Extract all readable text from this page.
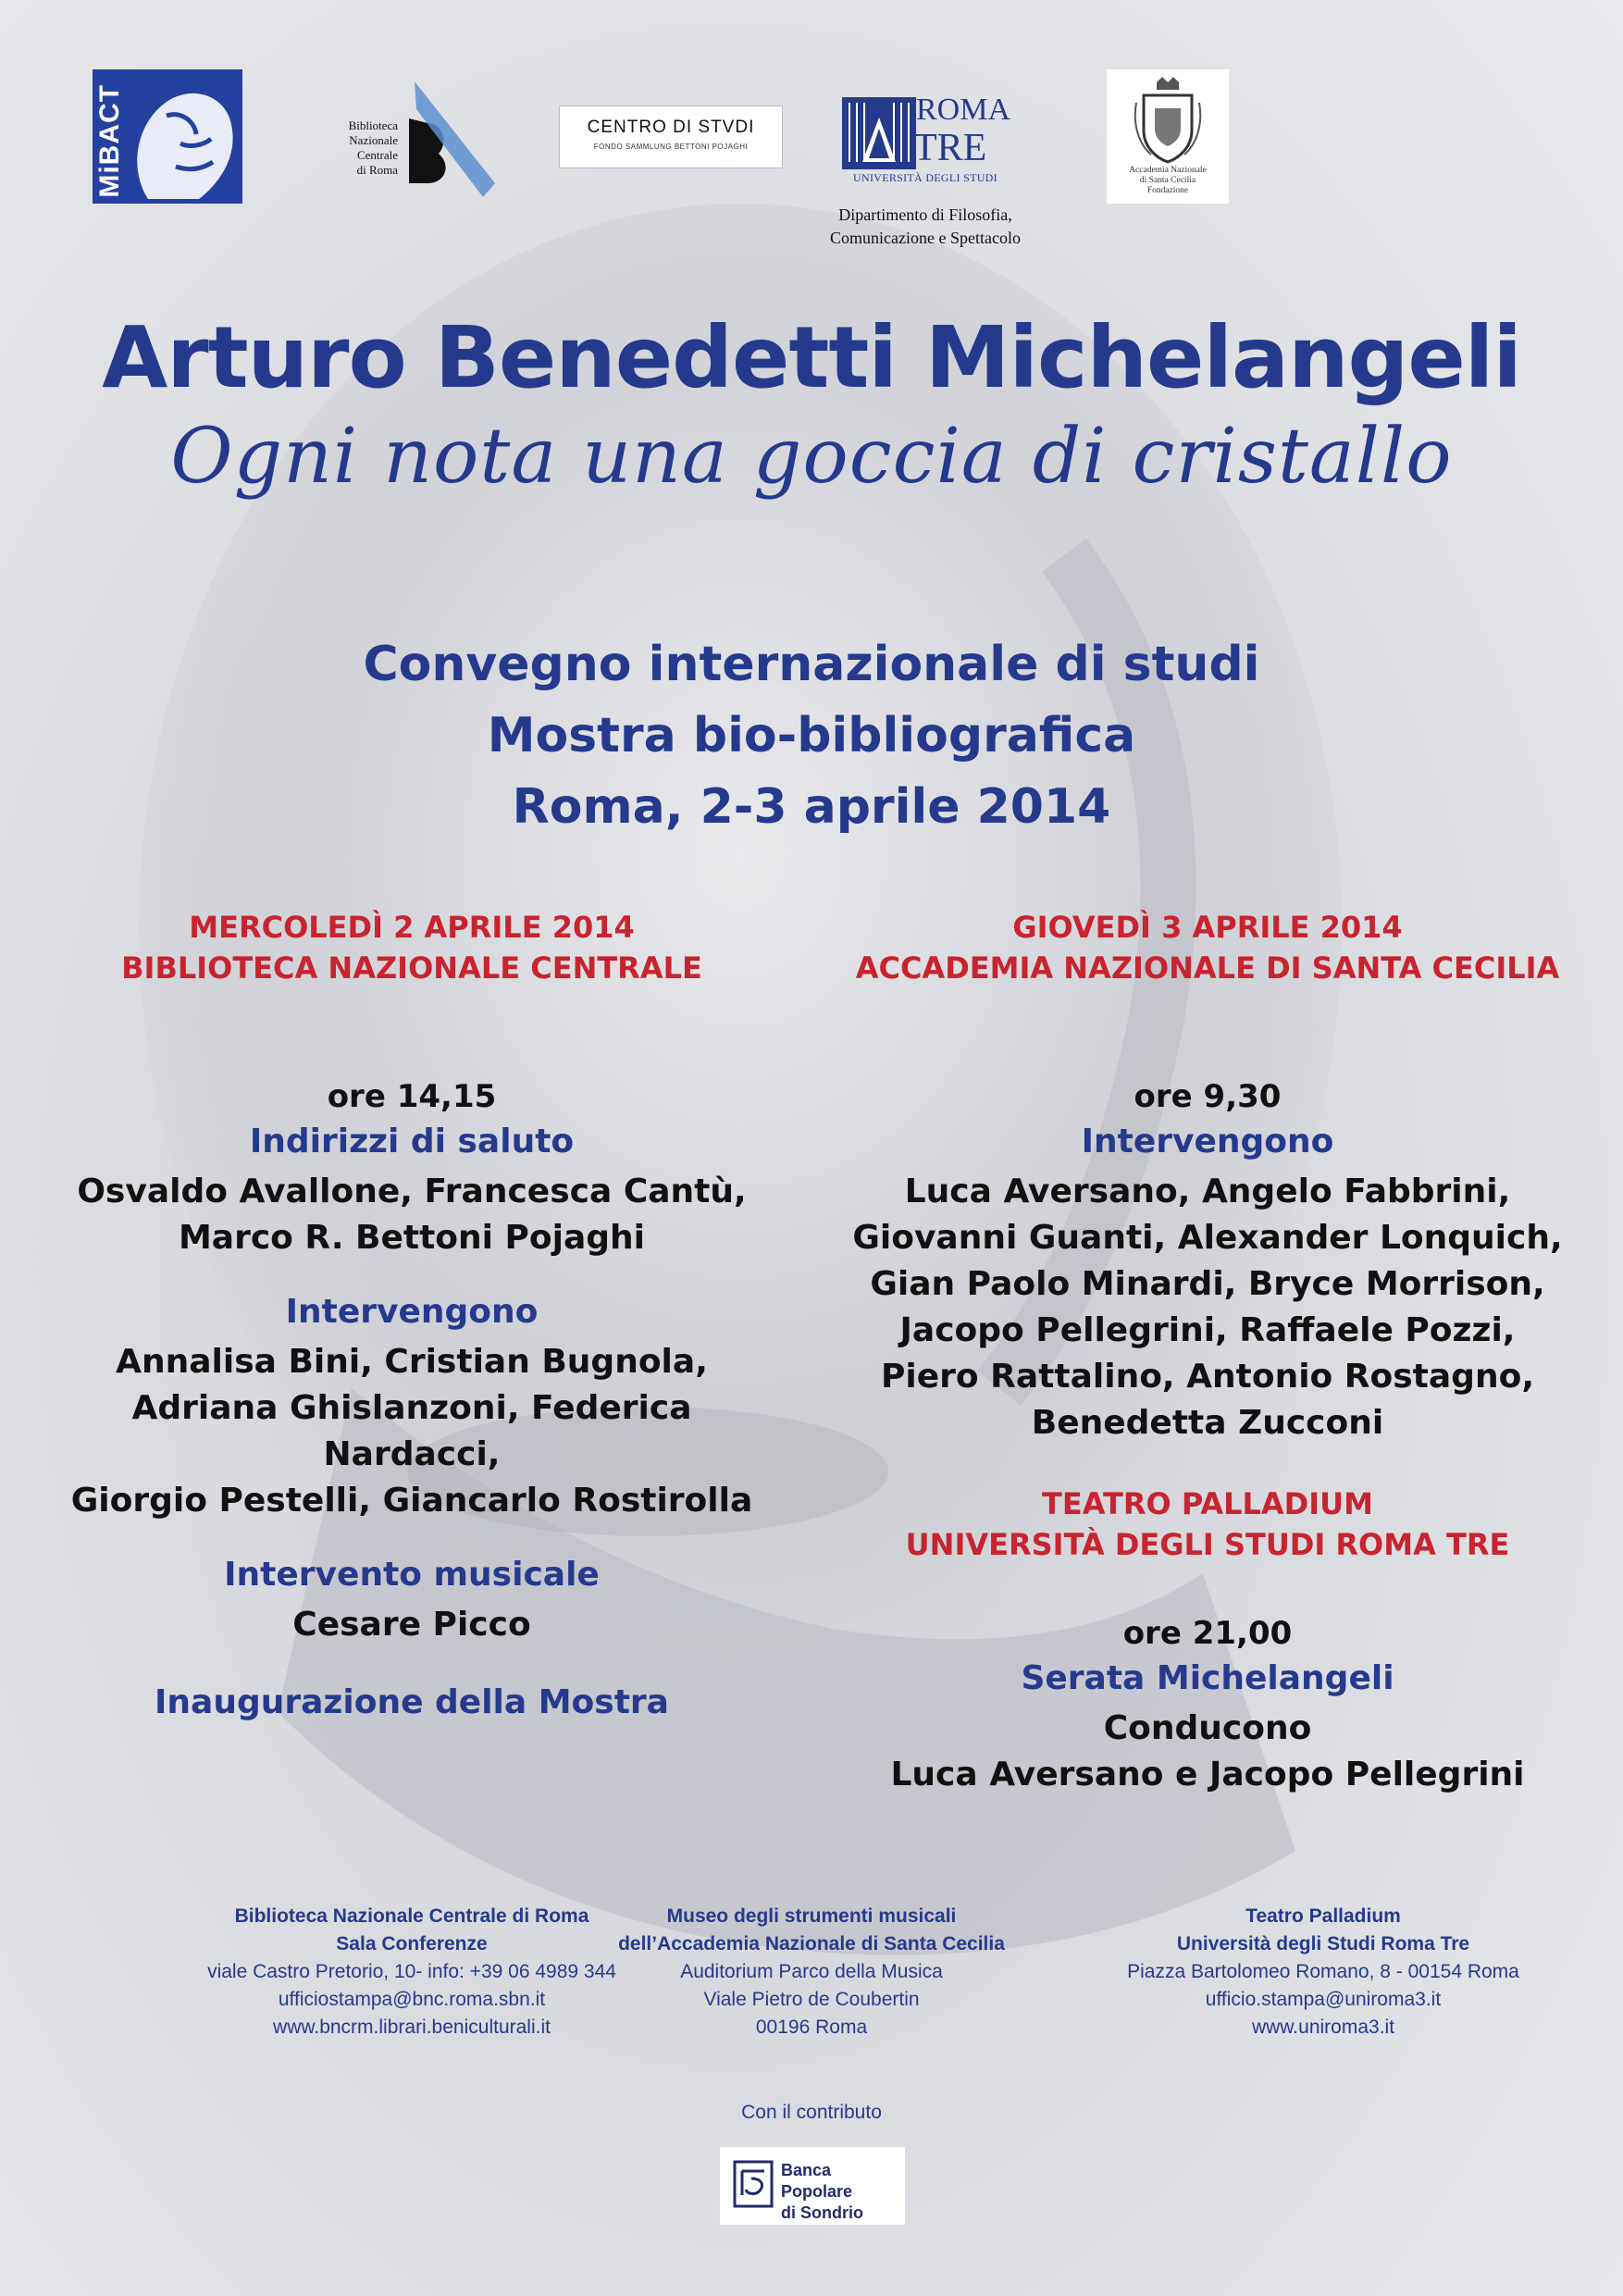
MiBACT	Biblioteca
Nazionale
Centrale
di Roma
CENTRO DI STVDI
FONDO SAMMLUNG BETTONI POJAGHI
ROMA
TRE
UNIVERSITÀ DEGLI STUDI
Dipartimento di Filosofia,
Comunicazione e Spettacolo
Accademia Nazionale
di Santa Cecilia
Fondazione
Arturo Benedetti Michelangeli
Ogni nota una goccia di cristallo
Convegno internazionale di studi
Mostra bio-bibliografica
Roma, 2-3 aprile 2014
MERCOLEDÌ 2 APRILE 2014
BIBLIOTECA NAZIONALE CENTRALE
ore 14,15
Indirizzi di saluto
Osvaldo Avallone, Francesca Cantù,
Marco R. Bettoni Pojaghi
Intervengono
Annalisa Bini, Cristian Bugnola,
Adriana Ghislanzoni, Federica Nardacci,
Giorgio Pestelli, Giancarlo Rostirolla
Intervento musicale
Cesare Picco
Inaugurazione della Mostra
GIOVEDÌ 3 APRILE 2014
ACCADEMIA NAZIONALE DI SANTA CECILIA
ore 9,30
Intervengono
Luca Aversano, Angelo Fabbrini,
Giovanni Guanti, Alexander Lonquich,
Gian Paolo Minardi, Bryce Morrison,
Jacopo Pellegrini, Raffaele Pozzi,
Piero Rattalino, Antonio Rostagno,
Benedetta Zucconi
TEATRO PALLADIUM
UNIVERSITÀ DEGLI STUDI ROMA TRE
ore 21,00
Serata Michelangeli
Conducono
Luca Aversano e Jacopo Pellegrini
Biblioteca Nazionale Centrale di Roma
Sala Conferenze
viale Castro Pretorio, 10- info: +39 06 4989 344
ufficiostampa@bnc.roma.sbn.it
www.bncrm.librari.beniculturali.it
Museo degli strumenti musicali
dell’Accademia Nazionale di Santa Cecilia
Auditorium Parco della Musica
Viale Pietro de Coubertin
00196 Roma
Teatro Palladium
Università degli Studi Roma Tre
Piazza Bartolomeo Romano, 8 - 00154 Roma
ufficio.stampa@uniroma3.it
www.uniroma3.it
Con il contributo
Banca Popolare
di Sondrio
